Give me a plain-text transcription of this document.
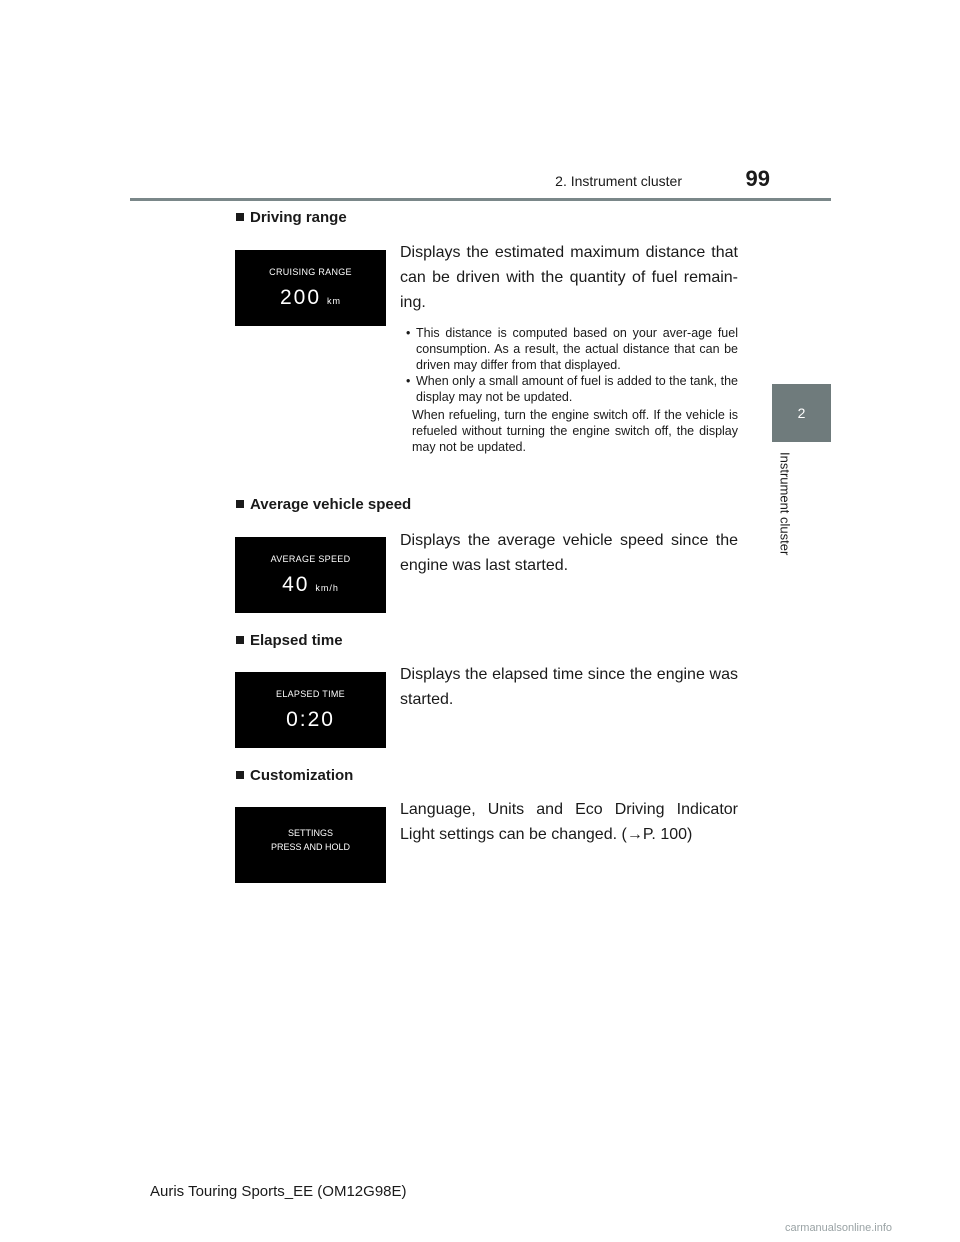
2. Instrument cluster	99
2
Instrument cluster
Driving range
CRUISING RANGE
200 km
Displays the estimated maximum distance that can be driven with the quantity of fuel remain-ing.
• This distance is computed based on your aver-age fuel consumption. As a result, the actual distance that can be driven may differ from that displayed.
• When only a small amount of fuel is added to the tank, the display may not be updated.
When refueling, turn the engine switch off. If the vehicle is refueled without turning the engine switch off, the display may not be updated.
Average vehicle speed
AVERAGE SPEED
40 km/h
Displays the average vehicle speed since the engine was last started.
Elapsed time
ELAPSED TIME
0:20
Displays the elapsed time since the engine was started.
Customization
SETTINGS
PRESS AND HOLD
Language, Units and Eco Driving Indicator Light settings can be changed. (→P. 100)
Auris Touring Sports_EE (OM12G98E)
carmanualsonline.info
